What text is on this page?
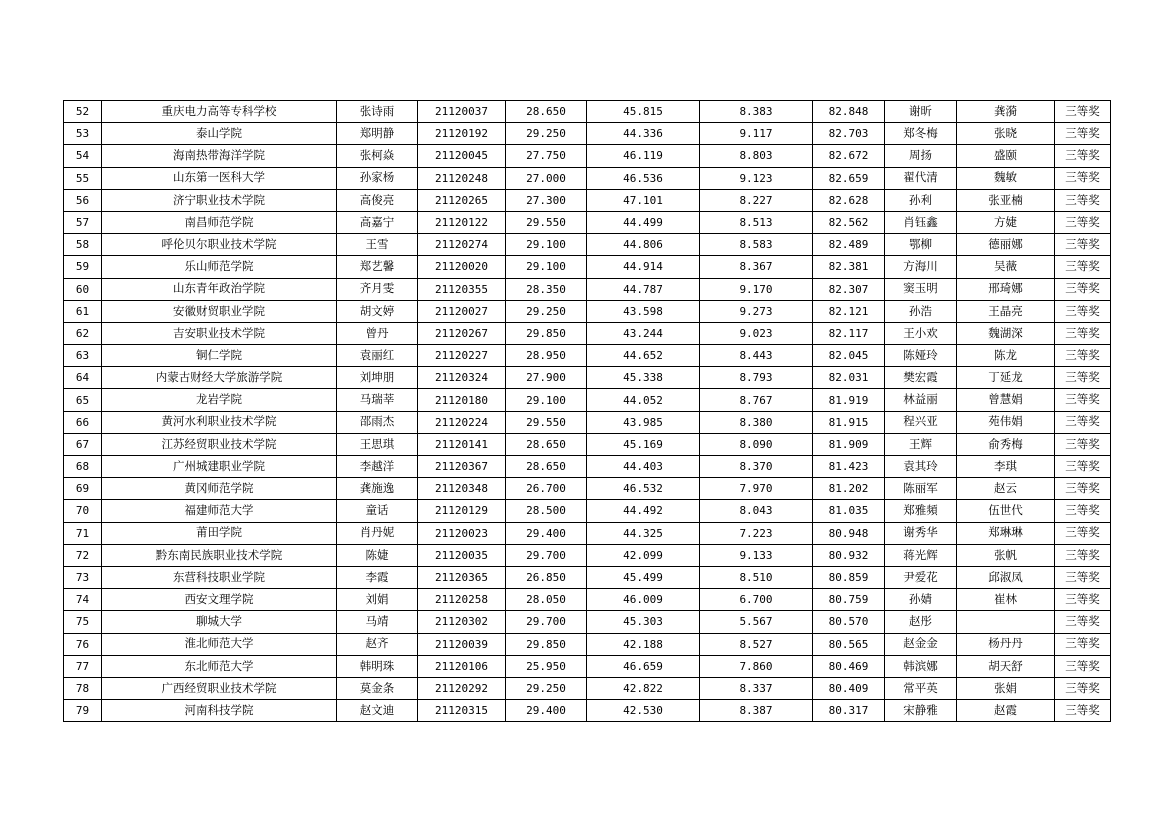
52	重庆电力高等专科学校	张诗雨	21120037	28.650	45.815	8.383	82.848	谢昕	龚漪	三等奖
53	泰山学院	郑明静	21120192	29.250	44.336	9.117	82.703	郑冬梅	张晓	三等奖
54	海南热带海洋学院	张柯焱	21120045	27.750	46.119	8.803	82.672	周扬	盛颐	三等奖
55	山东第一医科大学	孙家杨	21120248	27.000	46.536	9.123	82.659	翟代清	魏敏	三等奖
56	济宁职业技术学院	高俊亮	21120265	27.300	47.101	8.227	82.628	孙利	张亚楠	三等奖
57	南昌师范学院	高嘉宁	21120122	29.550	44.499	8.513	82.562	肖钰鑫	方婕	三等奖
58	呼伦贝尔职业技术学院	王雪	21120274	29.100	44.806	8.583	82.489	鄂柳	德丽娜	三等奖
59	乐山师范学院	郑艺馨	21120020	29.100	44.914	8.367	82.381	方海川	吴薇	三等奖
60	山东青年政治学院	齐月雯	21120355	28.350	44.787	9.170	82.307	窦玉明	邢琦娜	三等奖
61	安徽财贸职业学院	胡文婷	21120027	29.250	43.598	9.273	82.121	孙浩	王晶亮	三等奖
62	吉安职业技术学院	曾丹	21120267	29.850	43.244	9.023	82.117	王小欢	魏湖深	三等奖
63	铜仁学院	袁丽红	21120227	28.950	44.652	8.443	82.045	陈娅玲	陈龙	三等奖
64	内蒙古财经大学旅游学院	刘坤朋	21120324	27.900	45.338	8.793	82.031	樊宏霞	丁延龙	三等奖
65	龙岩学院	马瑞莘	21120180	29.100	44.052	8.767	81.919	林益丽	曾慧娟	三等奖
66	黄河水利职业技术学院	邵雨杰	21120224	29.550	43.985	8.380	81.915	程兴亚	苑伟娟	三等奖
67	江苏经贸职业技术学院	王思琪	21120141	28.650	45.169	8.090	81.909	王辉	俞秀梅	三等奖
68	广州城建职业学院	李越洋	21120367	28.650	44.403	8.370	81.423	袁其玲	李琪	三等奖
69	黄冈师范学院	龚施逸	21120348	26.700	46.532	7.970	81.202	陈丽军	赵云	三等奖
70	福建师范大学	童话	21120129	28.500	44.492	8.043	81.035	郑雅頻	伍世代	三等奖
71	莆田学院	肖丹妮	21120023	29.400	44.325	7.223	80.948	谢秀华	郑琳琳	三等奖
72	黔东南民族职业技术学院	陈婕	21120035	29.700	42.099	9.133	80.932	蒋光辉	张帆	三等奖
73	东营科技职业学院	李霞	21120365	26.850	45.499	8.510	80.859	尹爱花	邱淑凤	三等奖
74	西安文理学院	刘娟	21120258	28.050	46.009	6.700	80.759	孙婧	崔林	三等奖
75	聊城大学	马靖	21120302	29.700	45.303	5.567	80.570	赵彤		三等奖
76	淮北师范大学	赵齐	21120039	29.850	42.188	8.527	80.565	赵金金	杨丹丹	三等奖
77	东北师范大学	韩明珠	21120106	25.950	46.659	7.860	80.469	韩滨娜	胡天舒	三等奖
78	广西经贸职业技术学院	莫金条	21120292	29.250	42.822	8.337	80.409	常平英	张娟	三等奖
79	河南科技学院	赵文迪	21120315	29.400	42.530	8.387	80.317	宋静雅	赵霞	三等奖
